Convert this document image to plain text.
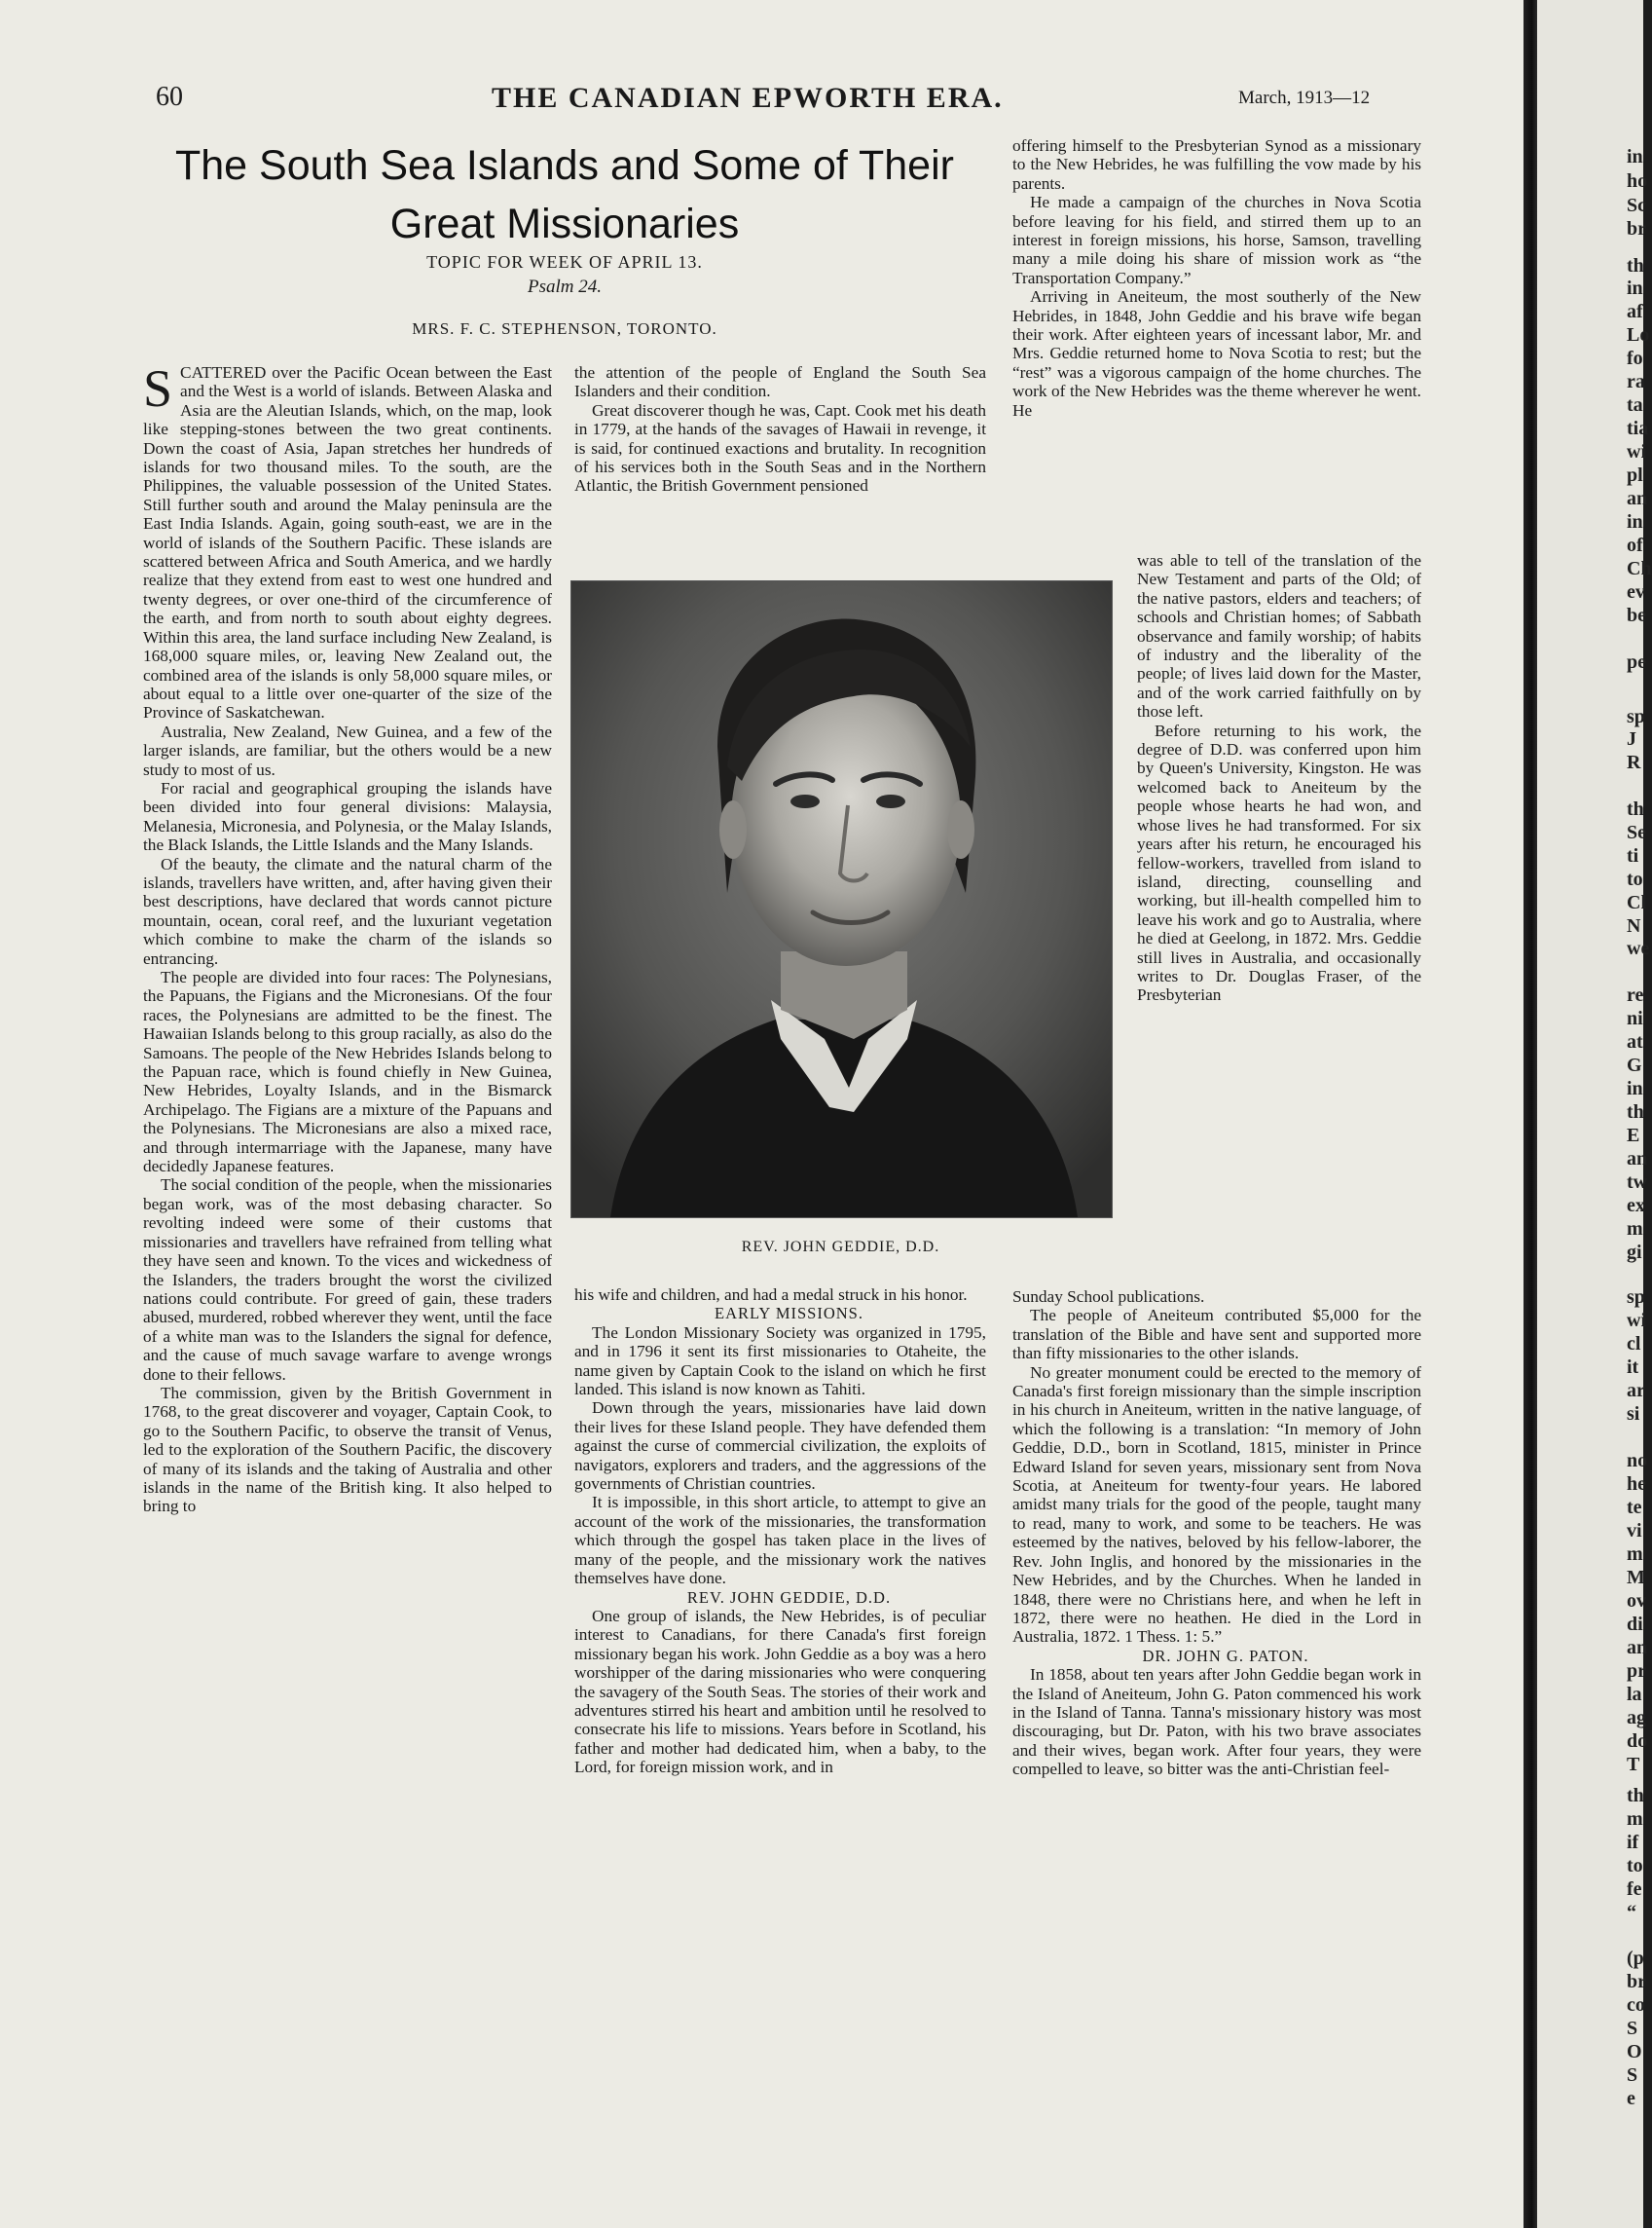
60	THE CANADIAN EPWORTH ERA.	March, 1913—12
The South Sea Islands and Some of Their
Great Missionaries
TOPIC FOR WEEK OF APRIL 13.
Psalm 24.
MRS. F. C. STEPHENSON, TORONTO.

SCATTERED over the Pacific Ocean between the East and the West is a world of islands. Between Alaska and Asia are the Aleutian Islands, which, on the map, look like stepping-stones between the two great continents. Down the coast of Asia, Japan stretches her hundreds of islands for two thousand miles. To the south, are the Philippines, the valuable possession of the United States. Still further south and around the Malay peninsula are the East India Islands. Again, going south-east, we are in the world of islands of the Southern Pacific. These islands are scattered between Africa and South America, and we hardly realize that they extend from east to west one hundred and twenty degrees, or over one-third of the circumference of the earth, and from north to south about eighty degrees. Within this area, the land surface including New Zealand, is 168,000 square miles, or, leaving New Zealand out, the combined area of the islands is only 58,000 square miles, or about equal to a little over one-quarter of the size of the Province of Saskatchewan.

Australia, New Zealand, New Guinea, and a few of the larger islands, are familiar, but the others would be a new study to most of us.

For racial and geographical grouping the islands have been divided into four general divisions: Malaysia, Melanesia, Micronesia, and Polynesia, or the Malay Islands, the Black Islands, the Little Islands and the Many Islands.

Of the beauty, the climate and the natural charm of the islands, travellers have written, and, after having given their best descriptions, have declared that words cannot picture mountain, ocean, coral reef, and the luxuriant vegetation which combine to make the charm of the islands so entrancing.

The people are divided into four races: The Polynesians, the Papuans, the Figians and the Micronesians. Of the four races, the Polynesians are admitted to be the finest. The Hawaiian Islands belong to this group racially, as also do the Samoans. The people of the New Hebrides Islands belong to the Papuan race, which is found chiefly in New Guinea, New Hebrides, Loyalty Islands, and in the Bismarck Archipelago. The Figians are a mixture of the Papuans and the Polynesians. The Micronesians are also a mixed race, and through intermarriage with the Japanese, many have decidedly Japanese features.

The social condition of the people, when the missionaries began work, was of the most debasing character. So revolting indeed were some of their customs that missionaries and travellers have refrained from telling what they have seen and known. To the vices and wickedness of the Islanders, the traders brought the worst the civilized nations could contribute. For greed of gain, these traders abused, murdered, robbed wherever they went, until the face of a white man was to the Islanders the signal for defence, and the cause of much savage warfare to avenge wrongs done to their fellows.

The commission, given by the British Government in 1768, to the great discoverer and voyager, Captain Cook, to go to the Southern Pacific, to observe the transit of Venus, led to the exploration of the Southern Pacific, the discovery of many of its islands and the taking of Australia and other islands in the name of the British king. It also helped to bring to

the attention of the people of England the South Sea Islanders and their condition.

Great discoverer though he was, Capt. Cook met his death in 1779, at the hands of the savages of Hawaii in revenge, it is said, for continued exactions and brutality. In recognition of his services both in the South Seas and in the Northern Atlantic, the British Government pensioned

REV. JOHN GEDDIE, D.D.

his wife and children, and had a medal struck in his honor.

EARLY MISSIONS.

The London Missionary Society was organized in 1795, and in 1796 it sent its first missionaries to Otaheite, the name given by Captain Cook to the island on which he first landed. This island is now known as Tahiti.

Down through the years, missionaries have laid down their lives for these Island people. They have defended them against the curse of commercial civilization, the exploits of navigators, explorers and traders, and the aggressions of the governments of Christian countries.

It is impossible, in this short article, to attempt to give an account of the work of the missionaries, the transformation which through the gospel has taken place in the lives of many of the people, and the missionary work the natives themselves have done.

REV. JOHN GEDDIE, D.D.

One group of islands, the New Hebrides, is of peculiar interest to Canadians, for there Canada's first foreign missionary began his work. John Geddie as a boy was a hero worshipper of the daring missionaries who were conquering the savagery of the South Seas. The stories of their work and adventures stirred his heart and ambition until he resolved to consecrate his life to missions. Years before in Scotland, his father and mother had dedicated him, when a baby, to the Lord, for foreign mission work, and in

offering himself to the Presbyterian Synod as a missionary to the New Hebrides, he was fulfilling the vow made by his parents.

He made a campaign of the churches in Nova Scotia before leaving for his field, and stirred them up to an interest in foreign missions, his horse, Samson, travelling many a mile doing his share of mission work as “the Transportation Company.”

Arriving in Aneiteum, the most southerly of the New Hebrides, in 1848, John Geddie and his brave wife began their work. After eighteen years of incessant labor, Mr. and Mrs. Geddie returned home to Nova Scotia to rest; but the “rest” was a vigorous campaign of the home churches. The work of the New Hebrides was the theme wherever he went. He

was able to tell of the translation of the New Testament and parts of the Old; of the native pastors, elders and teachers; of schools and Christian homes; of Sabbath observance and family worship; of habits of industry and the liberality of the people; of lives laid down for the Master, and of the work carried faithfully on by those left.

Before returning to his work, the degree of D.D. was conferred upon him by Queen's University, Kingston. He was welcomed back to Aneiteum by the people whose hearts he had won, and whose lives he had transformed. For six years after his return, he encouraged his fellow-workers, travelled from island to island, directing, counselling and working, but ill-health compelled him to leave his work and go to Australia, where he died at Geelong, in 1872. Mrs. Geddie still lives in Australia, and occasionally writes to Dr. Douglas Fraser, of the Presbyterian

Sunday School publications.

The people of Aneiteum contributed $5,000 for the translation of the Bible and have sent and supported more than fifty missionaries to the other islands.

No greater monument could be erected to the memory of Canada's first foreign missionary than the simple inscription in his church in Aneiteum, written in the native language, of which the following is a translation: “In memory of John Geddie, D.D., born in Scotland, 1815, minister in Prince Edward Island for seven years, missionary sent from Nova Scotia, at Aneiteum for twenty-four years. He labored amidst many trials for the good of the people, taught many to read, many to work, and some to be teachers. He was esteemed by the natives, beloved by his fellow-laborer, the Rev. John Inglis, and honored by the missionaries in the New Hebrides, and by the Churches. When he landed in 1848, there were no Christians here, and when he left in 1872, there were no heathen. He died in the Lord in Australia, 1872. 1 Thess. 1: 5.”

DR. JOHN G. PATON.

In 1858, about ten years after John Geddie began work in the Island of Aneiteum, John G. Paton commenced his work in the Island of Tanna. Tanna's missionary history was most discouraging, but Dr. Paton, with his two brave associates and their wives, began work. After four years, they were compelled to leave, so bitter was the anti-Christian feel-

in
ho
Sc
br
th
in
af
Lo
fo
ra
ta
tia
wi
pl
an
in
of
Ch
ev
be
pe
sp
J
R
th
Se
ti
to
Cl
N
we
re
ni
at
G
in
th
E
an
tw
ex
m
gi
sp
wi
cl
it
ar
si
no
he
te
vi
m
M
ov
di
an
pr
la
ag
do
T
th
m
if
to
fe
“
(p
br
co
S
O
S
e
